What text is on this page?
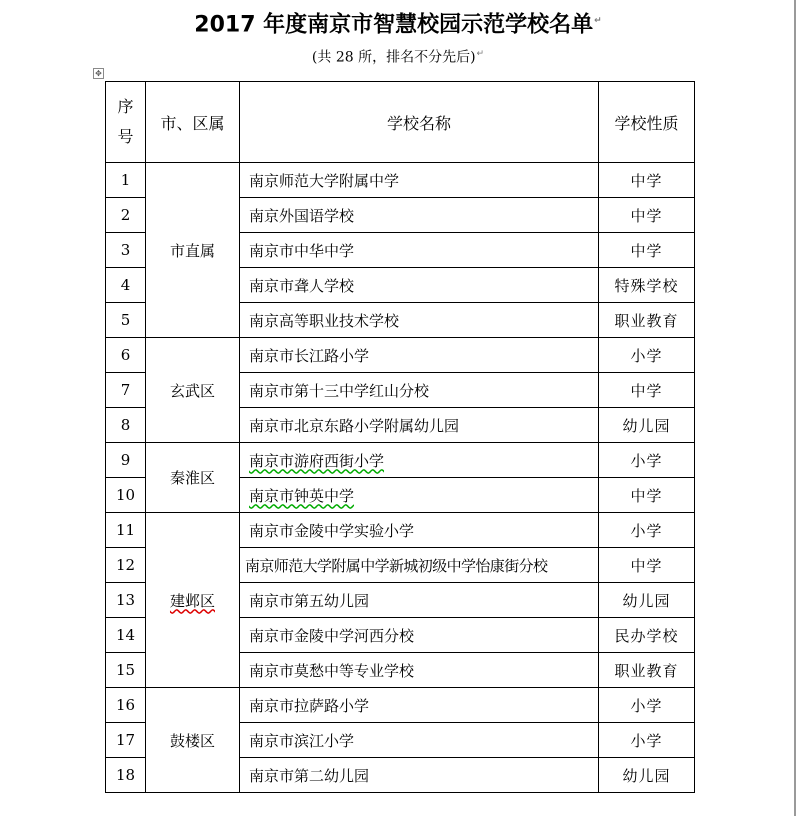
2017 年度南京市智慧校园示范学校名单↵
(共 28 所，排名不分先后)↵
✥
序
号	市、区属	学校名称	学校性质
1	市直属	南京师范大学附属中学	中学
2		南京外国语学校	中学
3		南京市中华中学	中学
4		南京市聋人学校	特殊学校
5		南京高等职业技术学校	职业教育
6	玄武区	南京市长江路小学	小学
7		南京市第十三中学红山分校	中学
8		南京市北京东路小学附属幼儿园	幼儿园
9	秦淮区	南京市游府西街小学	小学
10		南京市钟英中学	中学
11	建邺区	南京市金陵中学实验小学	小学
12		南京师范大学附属中学新城初级中学怡康街分校	中学
13		南京市第五幼儿园	幼儿园
14		南京市金陵中学河西分校	民办学校
15		南京市莫愁中等专业学校	职业教育
16	鼓楼区	南京市拉萨路小学	小学
17		南京市滨江小学	小学
18		南京市第二幼儿园	幼儿园
